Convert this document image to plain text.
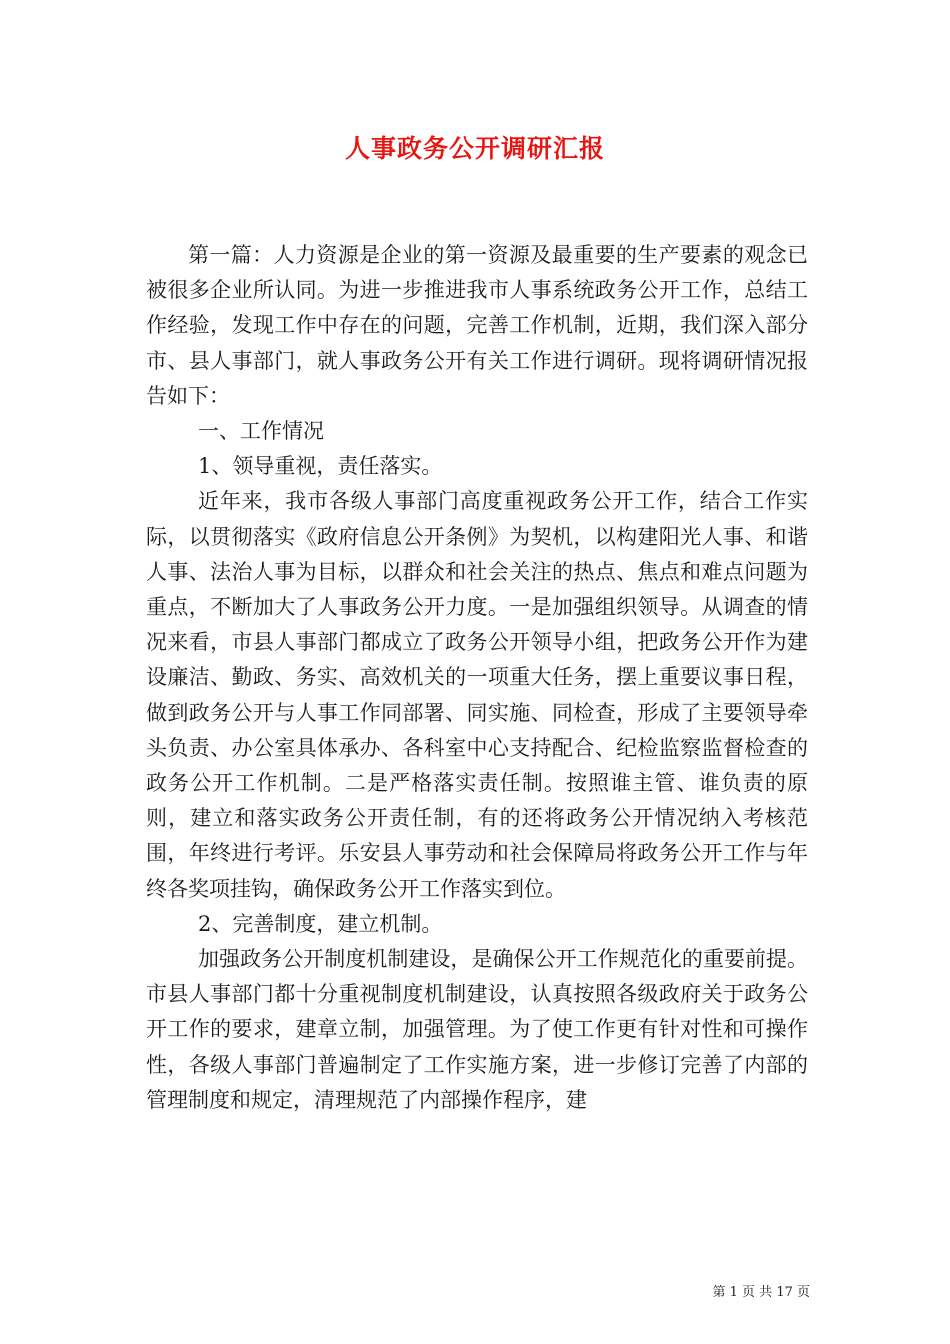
人事政务公开调研汇报

第一篇：人力资源是企业的第一资源及最重要的生产要素的观念已被很多企业所认同。为进一步推进我市人事系统政务公开工作，总结工作经验，发现工作中存在的问题，完善工作机制，近期，我们深入部分市、县人事部门，就人事政务公开有关工作进行调研。现将调研情况报告如下：

一、工作情况

1、领导重视，责任落实。

近年来，我市各级人事部门高度重视政务公开工作，结合工作实际，以贯彻落实《政府信息公开条例》为契机，以构建阳光人事、和谐人事、法治人事为目标，以群众和社会关注的热点、焦点和难点问题为重点，不断加大了人事政务公开力度。一是加强组织领导。从调查的情况来看，市县人事部门都成立了政务公开领导小组，把政务公开作为建设廉洁、勤政、务实、高效机关的一项重大任务，摆上重要议事日程，做到政务公开与人事工作同部署、同实施、同检查，形成了主要领导牵头负责、办公室具体承办、各科室中心支持配合、纪检监察监督检查的政务公开工作机制。二是严格落实责任制。按照谁主管、谁负责的原则，建立和落实政务公开责任制，有的还将政务公开情况纳入考核范围，年终进行考评。乐安县人事劳动和社会保障局将政务公开工作与年终各奖项挂钩，确保政务公开工作落实到位。

2、完善制度，建立机制。

加强政务公开制度机制建设，是确保公开工作规范化的重要前提。市县人事部门都十分重视制度机制建设，认真按照各级政府关于政务公开工作的要求，建章立制，加强管理。为了使工作更有针对性和可操作性，各级人事部门普遍制定了工作实施方案，进一步修订完善了内部的管理制度和规定，清理规范了内部操作程序，建

第 1 页 共 17 页
